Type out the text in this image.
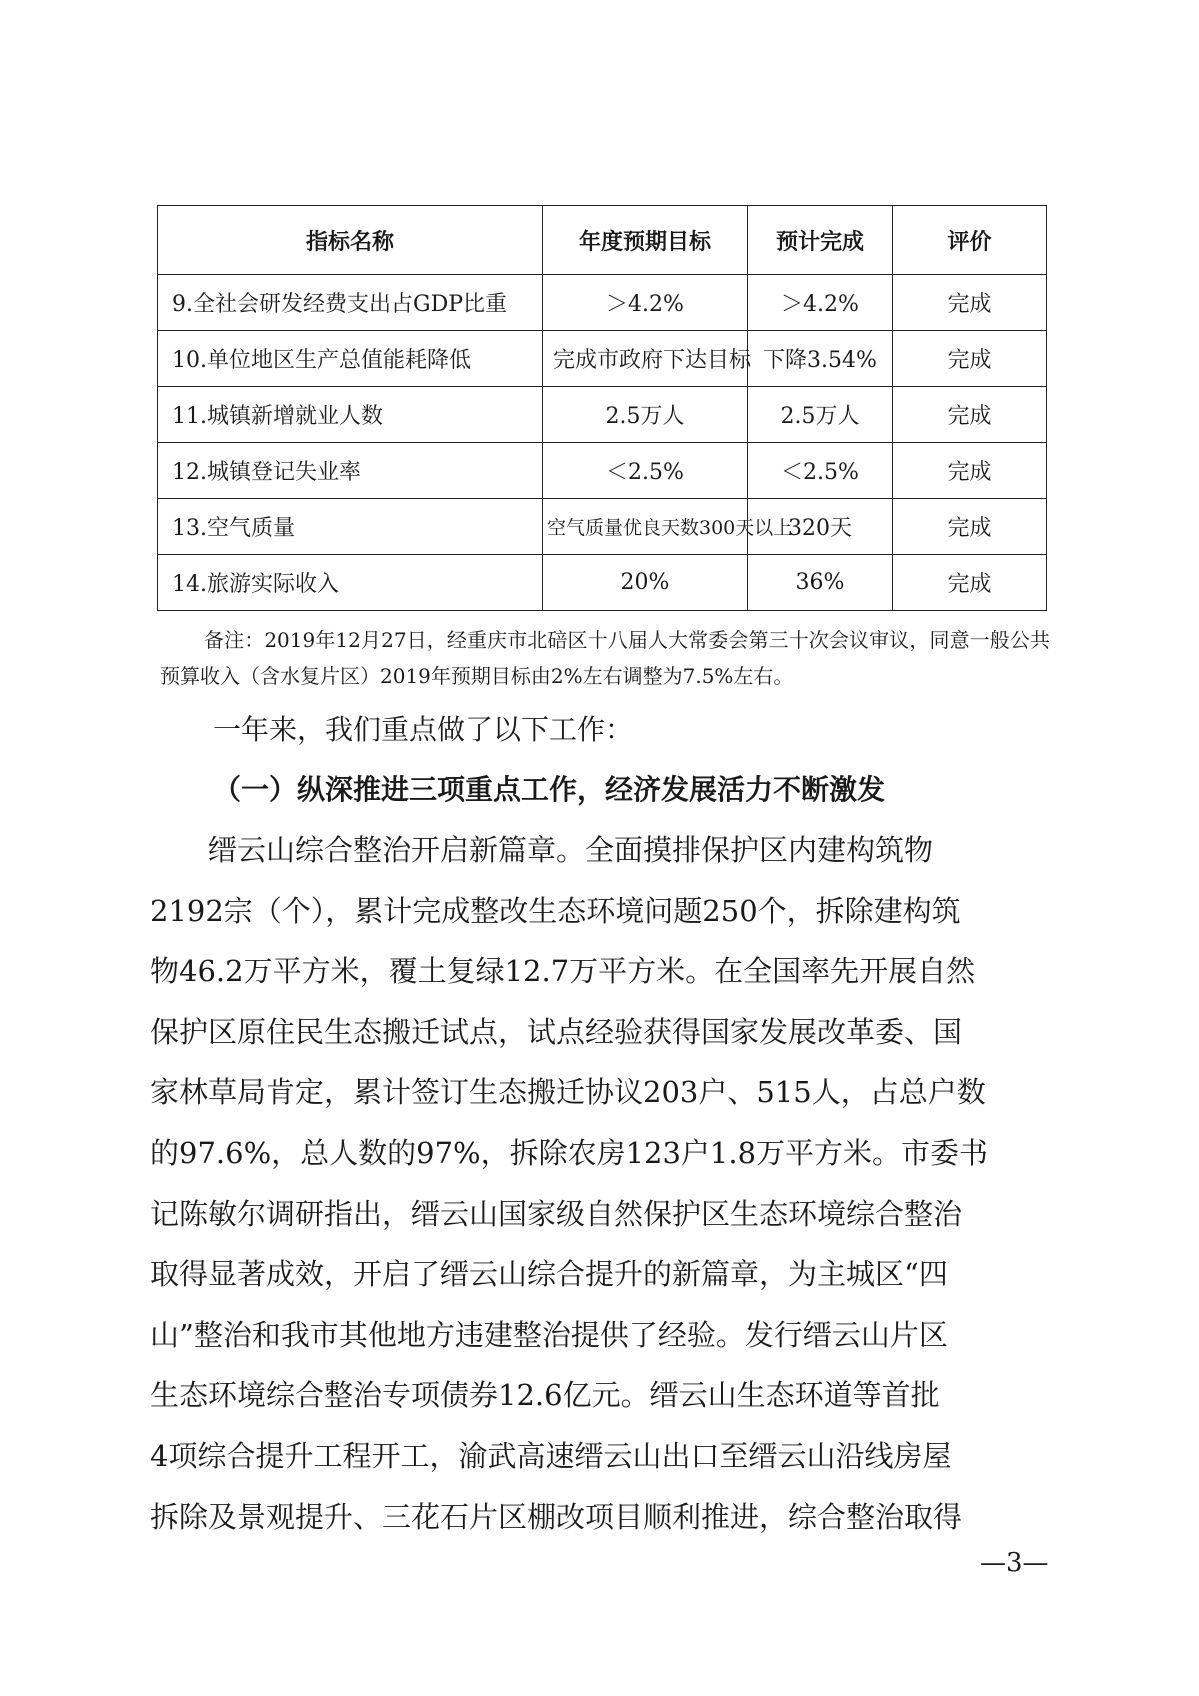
指标名称	年度预期目标	预计完成	评价
9.全社会研发经费支出占GDP比重	＞4.2%	＞4.2%	完成
10.单位地区生产总值能耗降低	完成市政府下达目标	下降3.54%	完成
11.城镇新增就业人数	2.5万人	2.5万人	完成
12.城镇登记失业率	＜2.5%	＜2.5%	完成
13.空气质量	空气质量优良天数300天以上	320天	完成
14.旅游实际收入	20%	36%	完成

备注：2019年12月27日，经重庆市北碚区十八届人大常委会第三十次会议审议，同意一般公共预算收入（含水复片区）2019年预期目标由2%左右调整为7.5%左右。

一年来，我们重点做了以下工作：

（一）纵深推进三项重点工作，经济发展活力不断激发
缙云山综合整治开启新篇章。全面摸排保护区内建构筑物
2192宗（个），累计完成整改生态环境问题250个，拆除建构筑
物46.2万平方米，覆土复绿12.7万平方米。在全国率先开展自然
保护区原住民生态搬迁试点，试点经验获得国家发展改革委、国
家林草局肯定，累计签订生态搬迁协议203户、515人，占总户数
的97.6%，总人数的97%，拆除农房123户1.8万平方米。市委书
记陈敏尔调研指出，缙云山国家级自然保护区生态环境综合整治
取得显著成效，开启了缙云山综合提升的新篇章，为主城区“四
山”整治和我市其他地方违建整治提供了经验。发行缙云山片区
生态环境综合整治专项债券12.6亿元。缙云山生态环道等首批
4项综合提升工程开工，渝武高速缙云山出口至缙云山沿线房屋
拆除及景观提升、三花石片区棚改项目顺利推进，综合整治取得

—3—
